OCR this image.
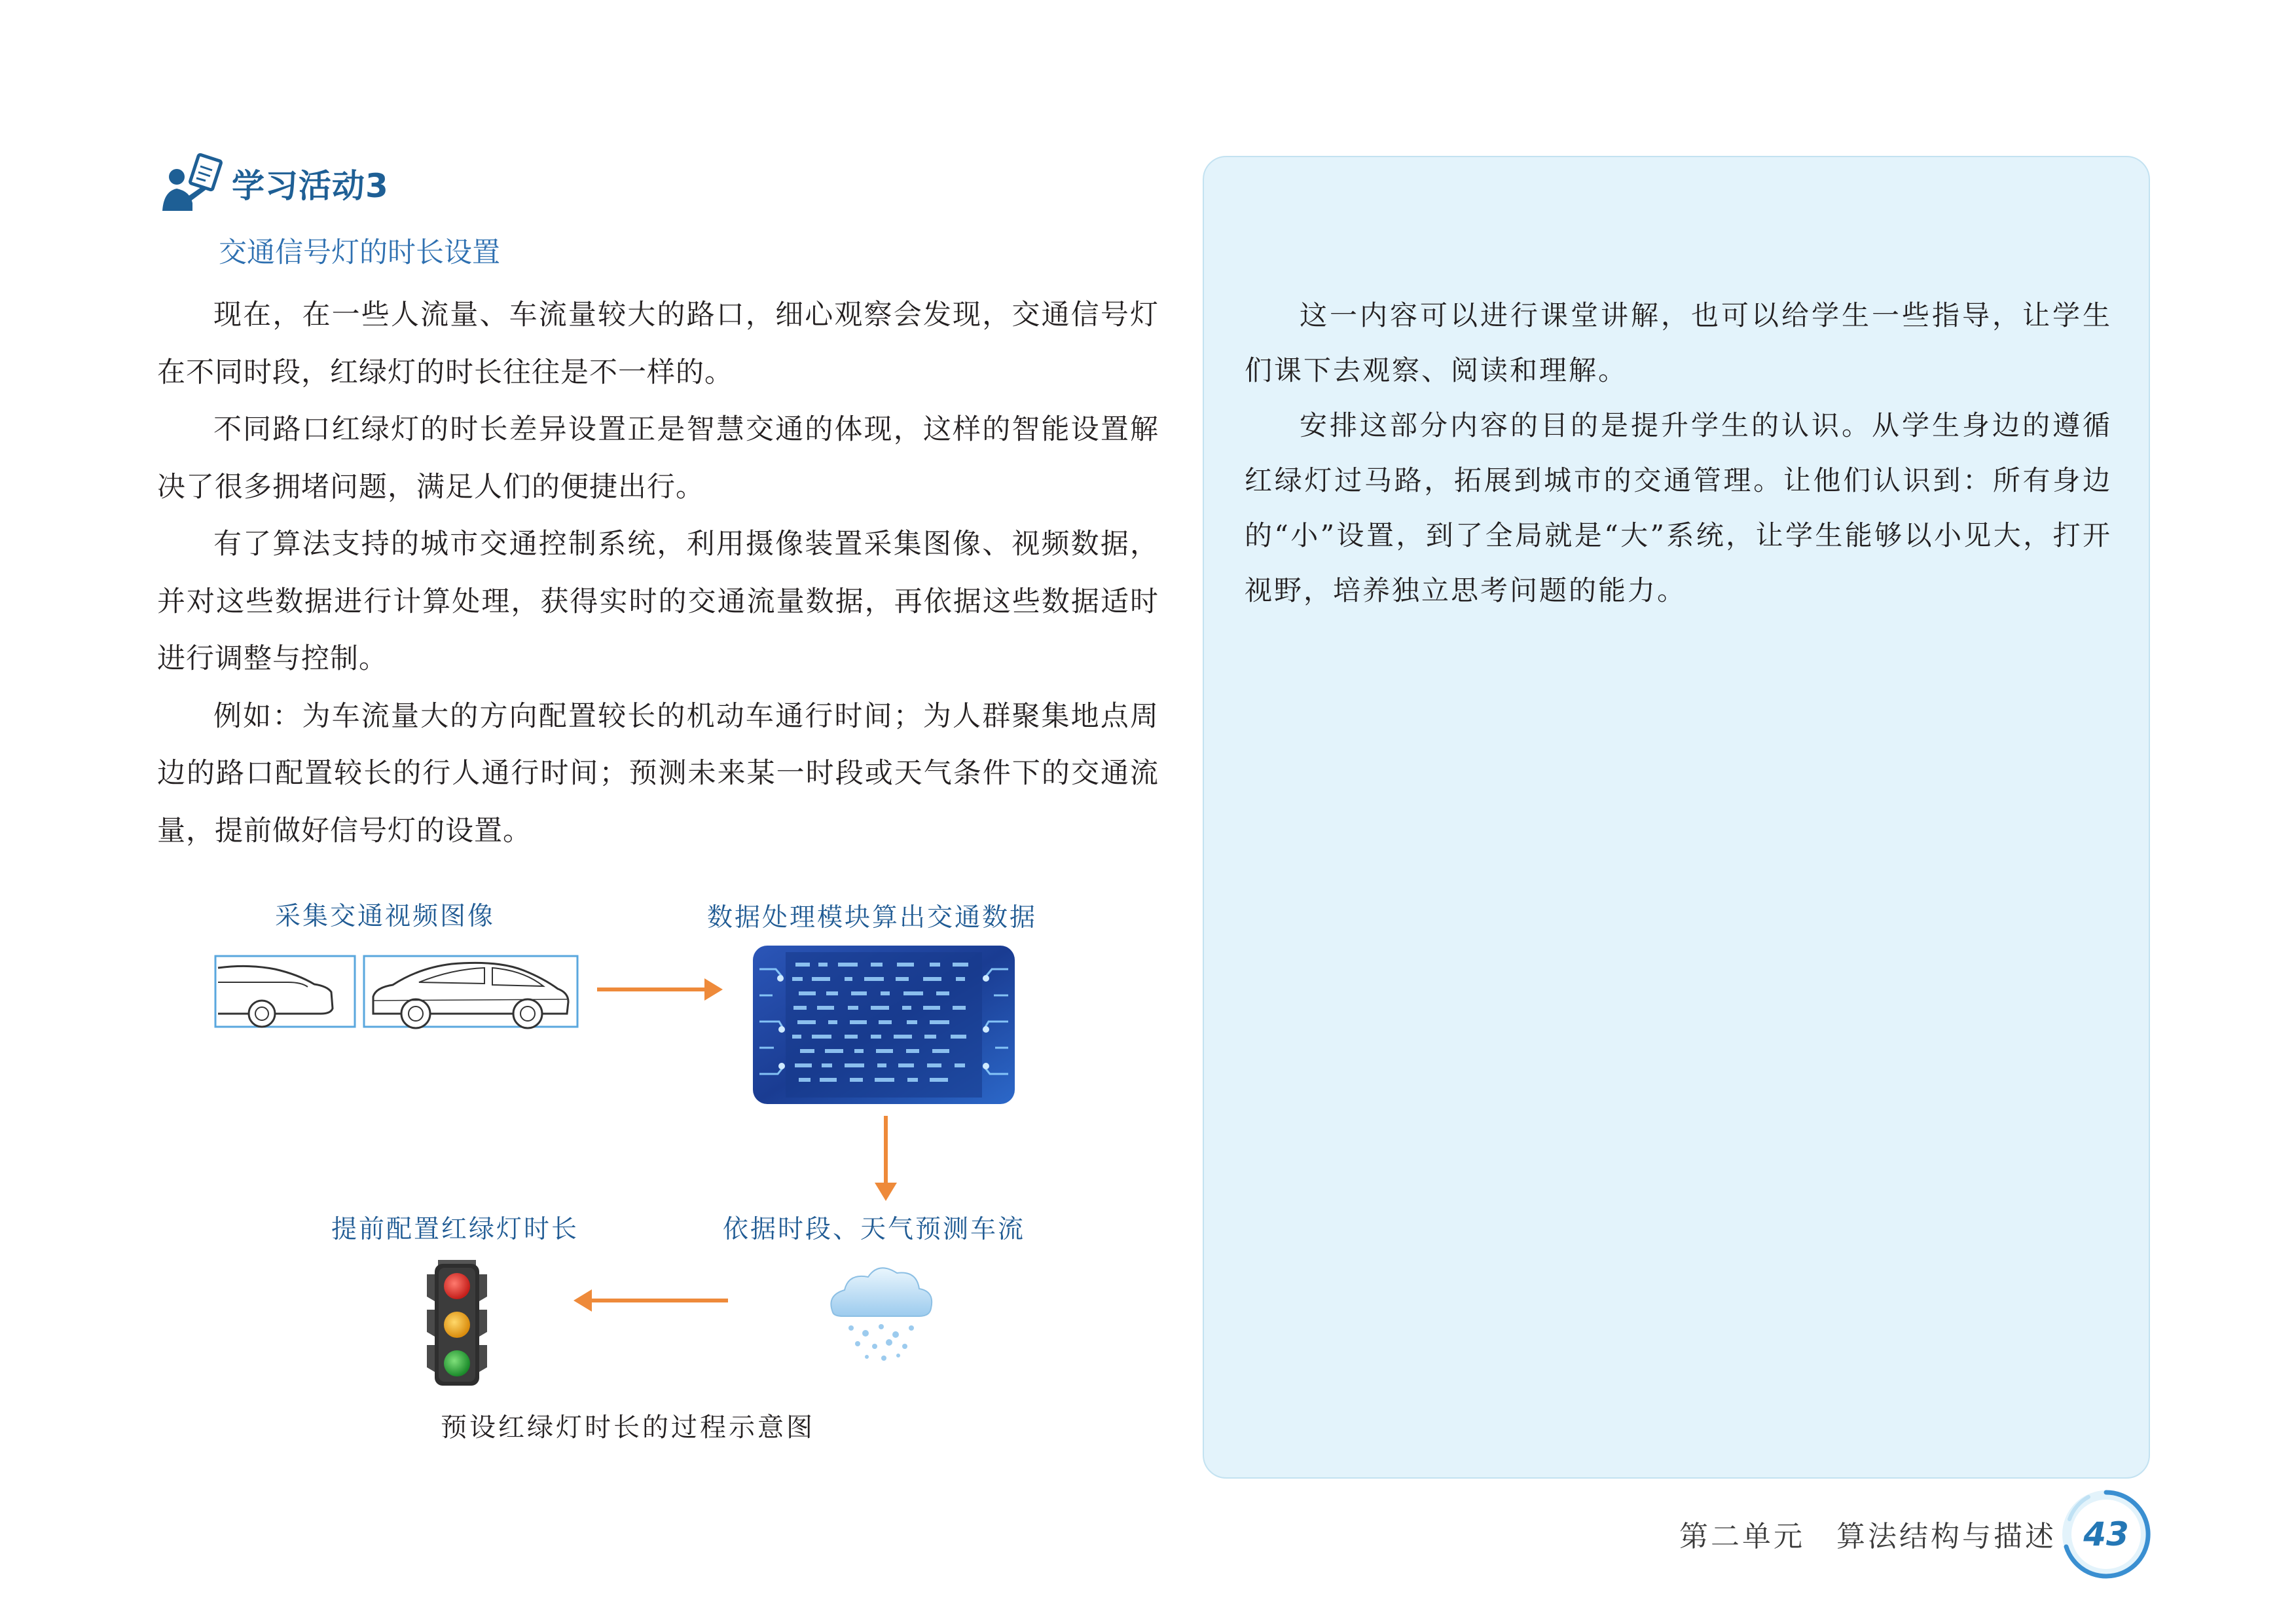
学习活动3
交通信号灯的时长设置

现在，在一些人流量、车流量较大的路口，细心观察会发现，交通信号灯在不同时段，红绿灯的时长往往是不一样的。

不同路口红绿灯的时长差异设置正是智慧交通的体现，这样的智能设置解决了很多拥堵问题，满足人们的便捷出行。

有了算法支持的城市交通控制系统，利用摄像装置采集图像、视频数据，并对这些数据进行计算处理，获得实时的交通流量数据，再依据这些数据适时进行调整与控制。

例如：为车流量大的方向配置较长的机动车通行时间；为人群聚集地点周边的路口配置较长的行人通行时间；预测未来某一时段或天气条件下的交通流量，提前做好信号灯的设置。

采集交通视频图像	数据处理模块算出交通数据
依据时段、天气预测车流
提前配置红绿灯时长
预设红绿灯时长的过程示意图

这一内容可以进行课堂讲解，也可以给学生一些指导，让学生们课下去观察、阅读和理解。

安排这部分内容的目的是提升学生的认识。从学生身边的遵循红绿灯过马路，拓展到城市的交通管理。让他们认识到：所有身边的“小”设置，到了全局就是“大”系统，让学生能够以小见大，打开视野，培养独立思考问题的能力。

第二单元　算法结构与描述 43
